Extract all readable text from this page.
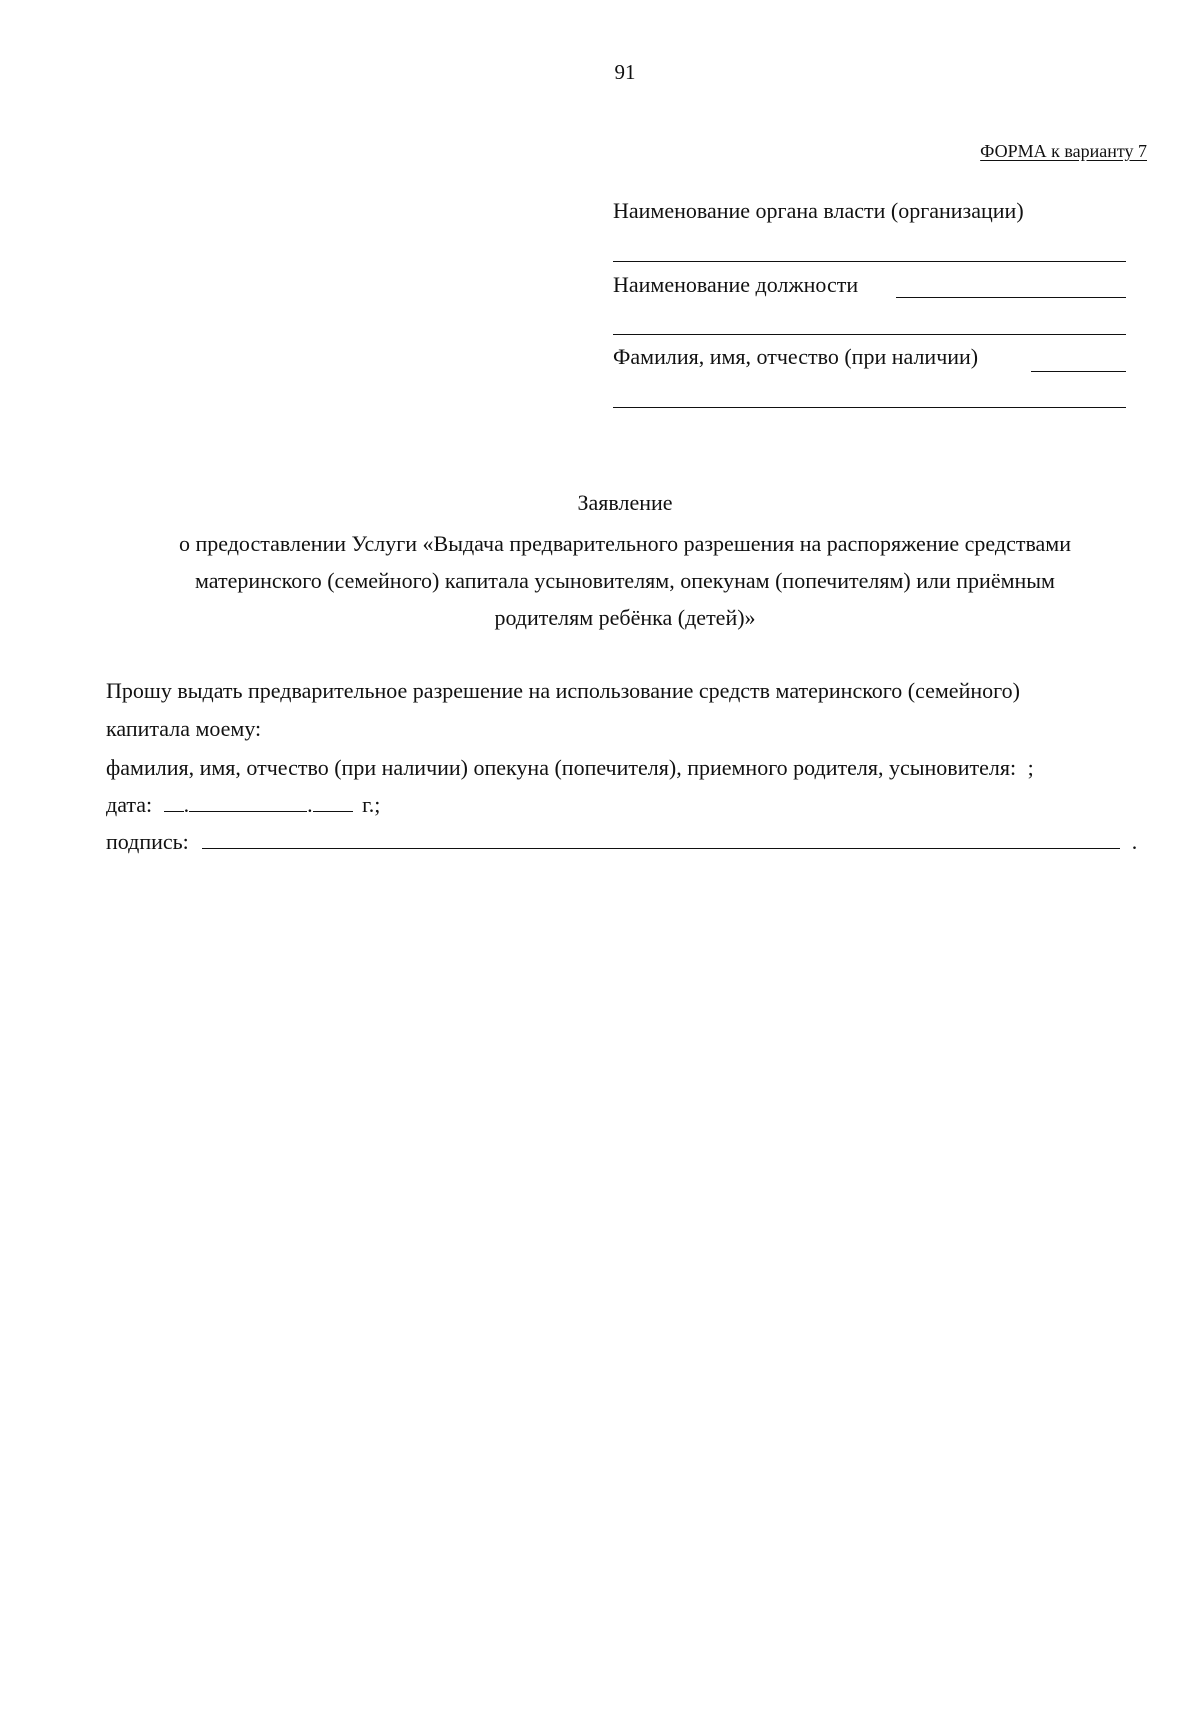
91
ФОРМА к варианту 7
Наименование органа власти (организации)
Наименование должности
Фамилия, имя, отчество (при наличии)
Заявление
о предоставлении Услуги «Выдача предварительного разрешения на распоряжение средствами
материнского (семейного) капитала усыновителям, опекунам (попечителям) или приёмным
родителям ребёнка (детей)»
Прошу выдать предварительное разрешение на использование средств материнского (семейного)
капитала моему:
фамилия, имя, отчество (при наличии) опекуна (попечителя), приемного родителя, усыновителя: ;
дата: .	. г.;
подпись:	.
